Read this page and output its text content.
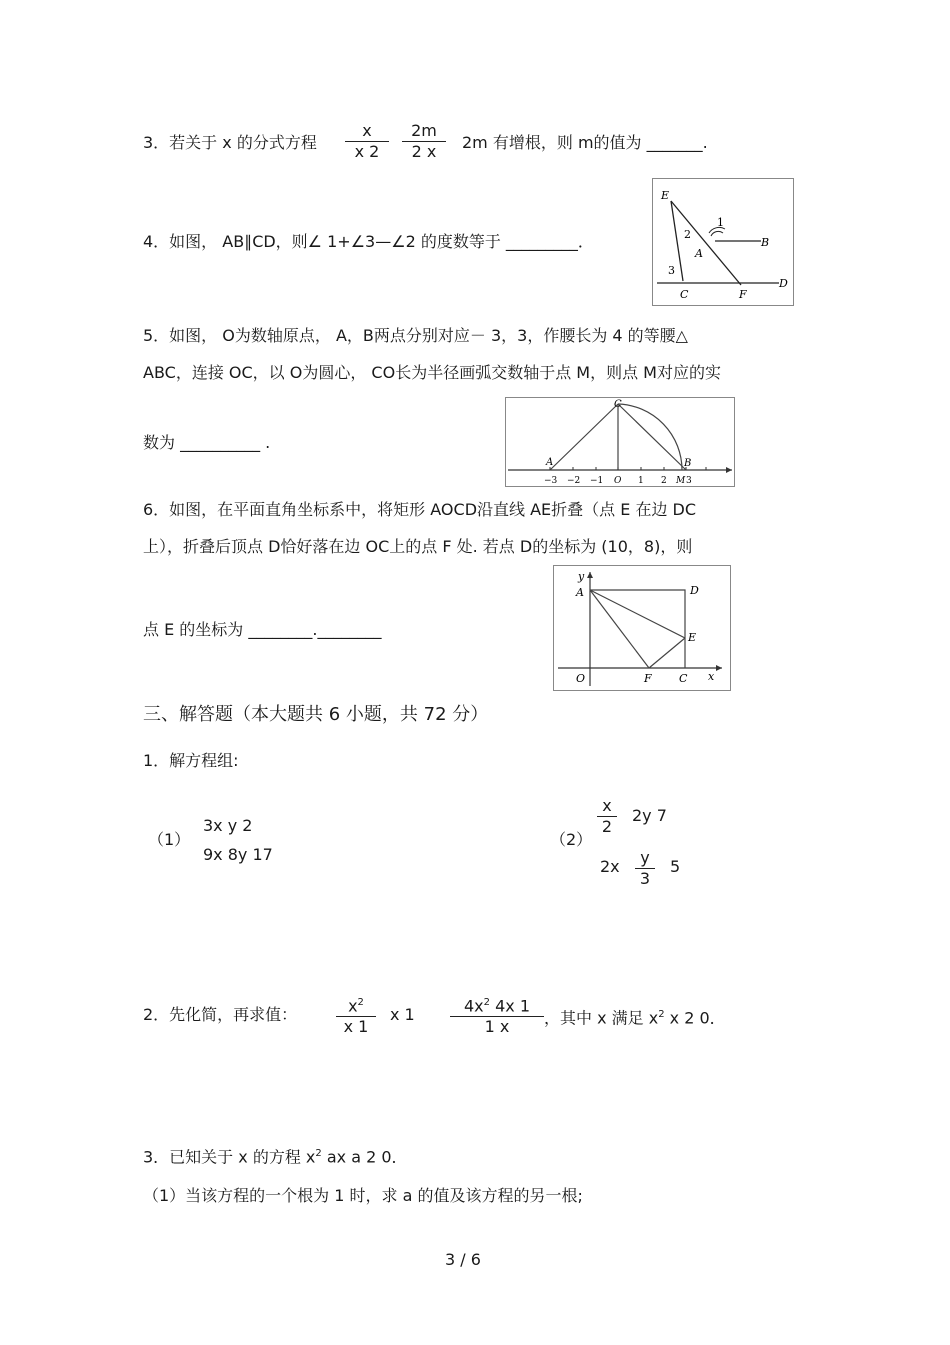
3．若关于 x 的分式方程 $\frac{x}{x 2} \frac{2m}{2 x} 2m$ 有增根，则 m的值为 _______.
4．如图， AB∥CD，则∠ 1+∠3—∠2 的度数等于 _________．
E
1
2
A
B
3
C	F
D
5．如图， O为数轴原点， A，B两点分别对应－ 3，3，作腰长为 4 的等腰△
ABC，连接 OC，以 O为圆心， CO长为半径画弧交数轴于点 M，则点 M对应的实
数为 __________ .
C
A	B
−3 −2 −1 O 1 2 M 3
6．如图，在平面直角坐标系中，将矩形 AOCD沿直线 AE折叠（点 E 在边 DC
上），折叠后顶点 D恰好落在边 OC上的点 F 处. 若点 D的坐标为 (10，8)，则
点 E 的坐标为 ________.________
y
A	D
E
O	F C x
三、解答题（本大题共 6 小题，共 72 分）
1．解方程组:
（1）
3x y 2
9x 8y 17
（2）
$\frac{x}{2} 2y$ 7
$2x \frac{y}{3} 5$
2．先化简，再求值： $\frac{x^2}{x 1}$ x $1 \frac{4x^2 4x 1}{1 x}$ ，其中 x 满足 $x^2$ x 2 0．
3．已知关于 x 的方程 $x^2$ ax a 2 0．
（1）当该方程的一个根为 1 时，求 a 的值及该方程的另一根;
3 / 6
